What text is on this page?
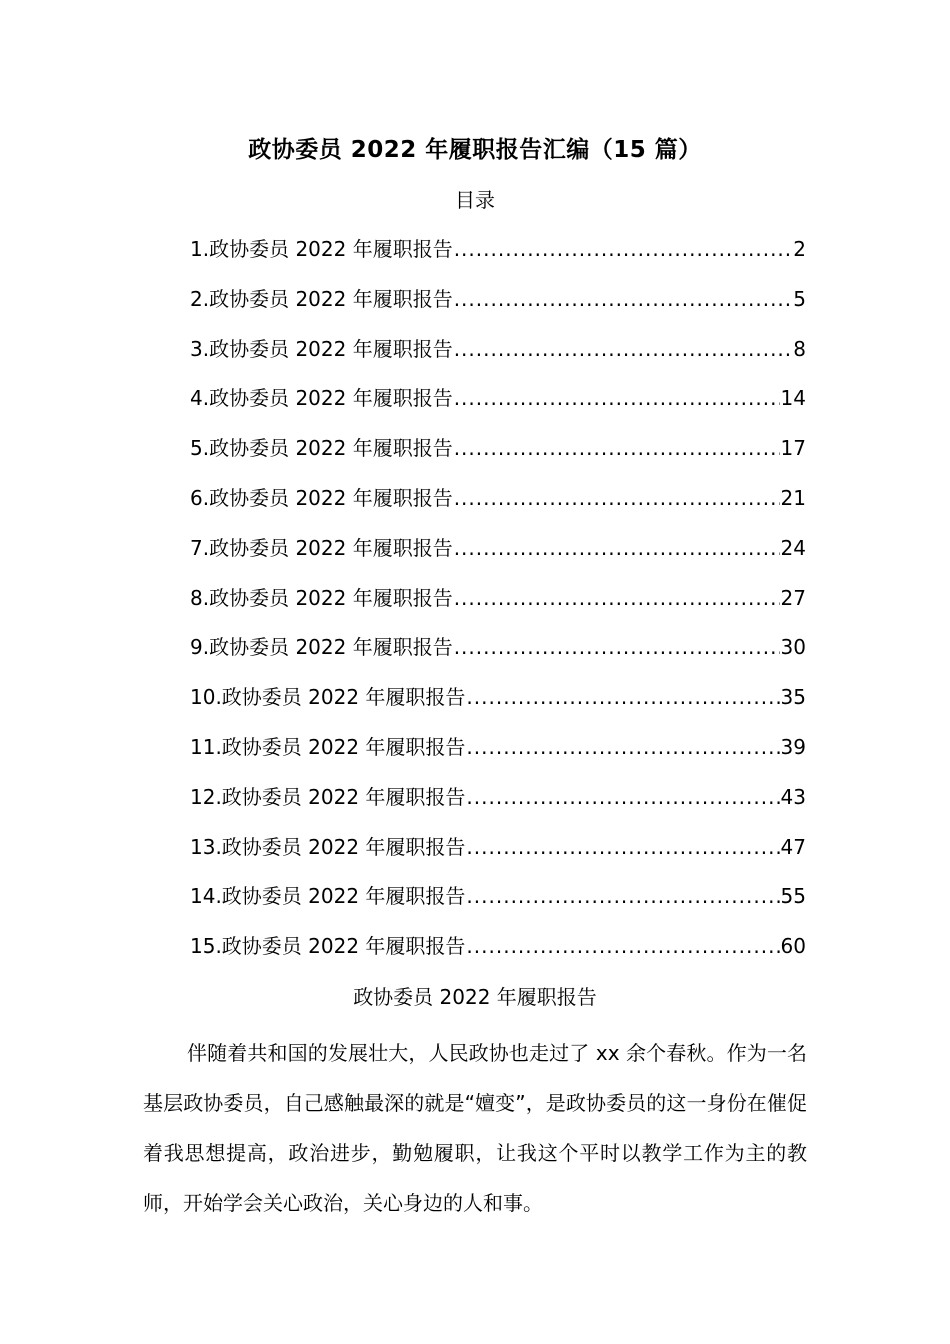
政协委员 2022 年履职报告汇编（15 篇）
目录
1.政协委员 2022 年履职报告 .....	2
2.政协委员 2022 年履职报告 .....	5
3.政协委员 2022 年履职报告 .....	8
4.政协委员 2022 年履职报告 .....	14
5.政协委员 2022 年履职报告 .....	17
6.政协委员 2022 年履职报告 .....	21
7.政协委员 2022 年履职报告 .....	24
8.政协委员 2022 年履职报告 .....	27
9.政协委员 2022 年履职报告 .....	30
10.政协委员 2022 年履职报告 .....	35
11.政协委员 2022 年履职报告 .....	39
12.政协委员 2022 年履职报告 .....	43
13.政协委员 2022 年履职报告 .....	47
14.政协委员 2022 年履职报告 .....	55
15.政协委员 2022 年履职报告 .....	60
政协委员 2022 年履职报告

伴随着共和国的发展壮大，人民政协也走过了 xx 余个春秋。作为一名基层政协委员，自己感触最深的就是“嬗变”，是政协委员的这一身份在催促着我思想提高，政治进步，勤勉履职，让我这个平时以教学工作为主的教师，开始学会关心政治，关心身边的人和事。
